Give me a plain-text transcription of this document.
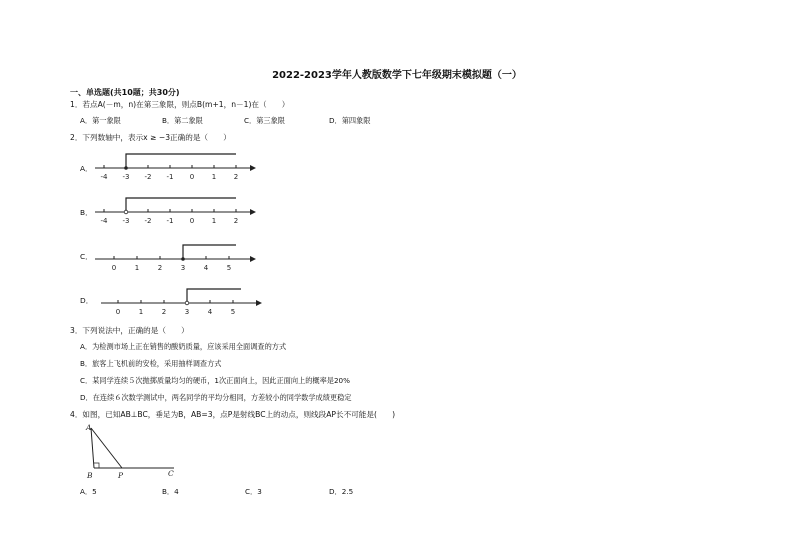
2022-2023学年人教版数学下七年级期末模拟题（一）
一、单选题(共10题；共30分)
1．若点A(－m，n)在第三象限，则点B(m+1，n－1)在（　　）
A．第一象限	B．第二象限	C．第三象限	D．第四象限
2．下列数轴中，表示x ≥ −3正确的是（　　）
A．
-4 -3 -2 -1 0	1	2
B．
-4 -3 -2 -1 0	1	2
C．
0	1	2	3	4	5
D．
0	1	2	3	4	5
3．下列说法中，正确的是（　　）
A．为检测市场上正在销售的酸奶质量，应该采用全面调查的方式
B．旅客上飞机前的安检，采用抽样调查方式
C．某同学连续５次抛掷质量均匀的硬币，1次正面向上，因此正面向上的概率是20%
D．在连续６次数学测试中，两名同学的平均分相同，方差较小的同学数学成绩更稳定
4．如图，已知AB⊥BC，垂足为B，AB=3，点P是射线BC上的动点，则线段AP长不可能是(　　)
A
B	P	C
A．5	B．4	C．3	D．2.5
